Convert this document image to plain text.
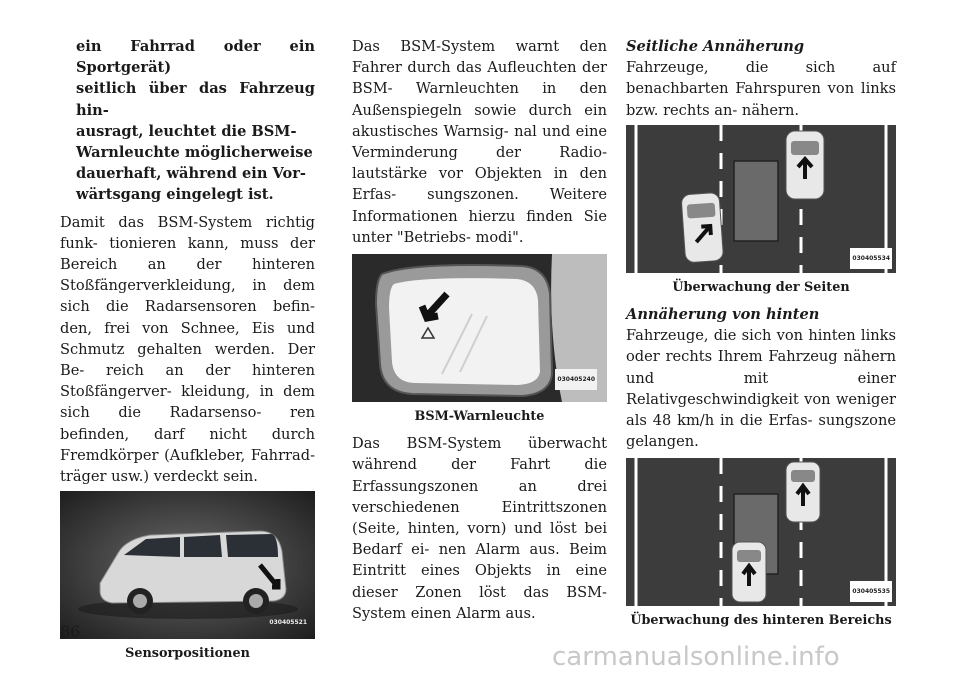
ein Fahrrad oder ein Sportgerät)
seitlich über das Fahrzeug hin-
ausragt, leuchtet die BSM-
Warnleuchte möglicherweise
dauerhaft, während ein Vor-
wärtsgang eingelegt ist.

Damit das BSM-System richtig funk- tionieren kann, muss der Bereich an der hinteren Stoßfängerverkleidung, in dem sich die Radarsensoren befin- den, frei von Schnee, Eis und Schmutz gehalten werden. Der Be- reich an der hinteren Stoßfängerver- kleidung, in dem sich die Radarsenso- ren befinden, darf nicht durch Fremdkörper (Aufkleber, Fahrrad- träger usw.) verdeckt sein.

030405521
Sensorpositionen

Das BSM-System warnt den Fahrer durch das Aufleuchten der BSM- Warnleuchten in den Außenspiegeln sowie durch ein akustisches Warnsig- nal und eine Verminderung der Radio- lautstärke vor Objekten in den Erfas- sungszonen. Weitere Informationen hierzu finden Sie unter "Betriebs- modi".

030405240
BSM-Warnleuchte

Das BSM-System überwacht während der Fahrt die Erfassungszonen an drei verschiedenen Eintrittszonen (Seite, hinten, vorn) und löst bei Bedarf ei- nen Alarm aus. Beim Eintritt eines Objekts in eine dieser Zonen löst das BSM-System einen Alarm aus.

Seitliche Annäherung

Fahrzeuge, die sich auf benachbarten Fahrspuren von links bzw. rechts an- nähern.

030405534
Überwachung der Seiten
Annäherung von hinten

Fahrzeuge, die sich von hinten links oder rechts Ihrem Fahrzeug nähern und mit einer Relativgeschwindigkeit von weniger als 48 km/h in die Erfas- sungszone gelangen.

030405535
Überwachung des hinteren Bereichs
86
carmanualsonline.info
